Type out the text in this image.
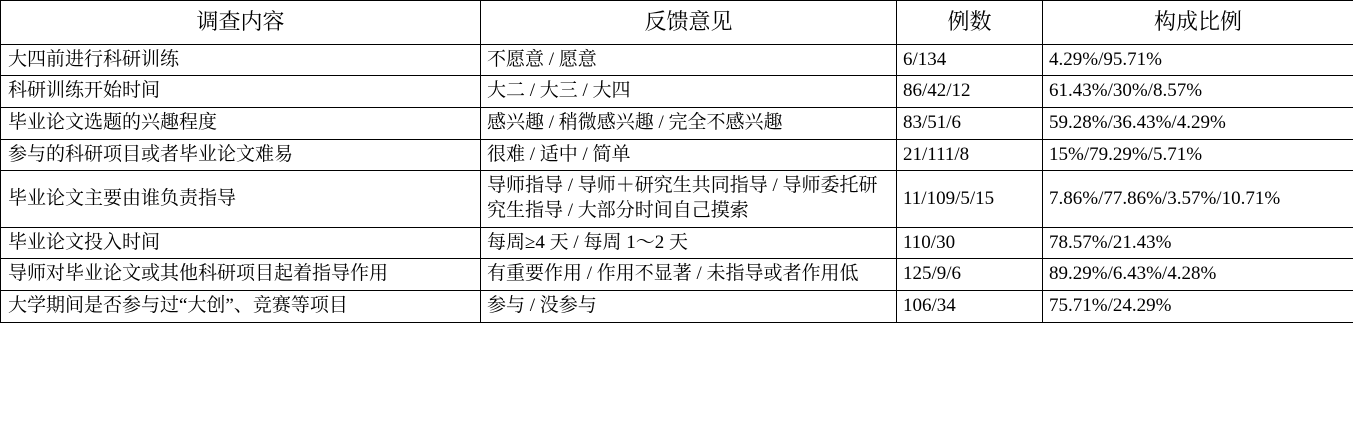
调查内容	反馈意见	例数	构成比例
大四前进行科研训练	不愿意 / 愿意	6/134	4.29%/95.71%
科研训练开始时间	大二 / 大三 / 大四	86/42/12	61.43%/30%/8.57%
毕业论文选题的兴趣程度	感兴趣 / 稍微感兴趣 / 完全不感兴趣	83/51/6	59.28%/36.43%/4.29%
参与的科研项目或者毕业论文难易	很难 / 适中 / 简单	21/111/8	15%/79.29%/5.71%
毕业论文主要由谁负责指导	导师指导 / 导师＋研究生共同指导 / 导师委托研究生指导 / 大部分时间自己摸索	11/109/5/15	7.86%/77.86%/3.57%/10.71%
毕业论文投入时间	每周≥4 天 / 每周 1～2 天	110/30	78.57%/21.43%
导师对毕业论文或其他科研项目起着指导作用	有重要作用 / 作用不显著 / 未指导或者作用低	125/9/6	89.29%/6.43%/4.28%
大学期间是否参与过“大创”、竞赛等项目	参与 / 没参与	106/34	75.71%/24.29%
